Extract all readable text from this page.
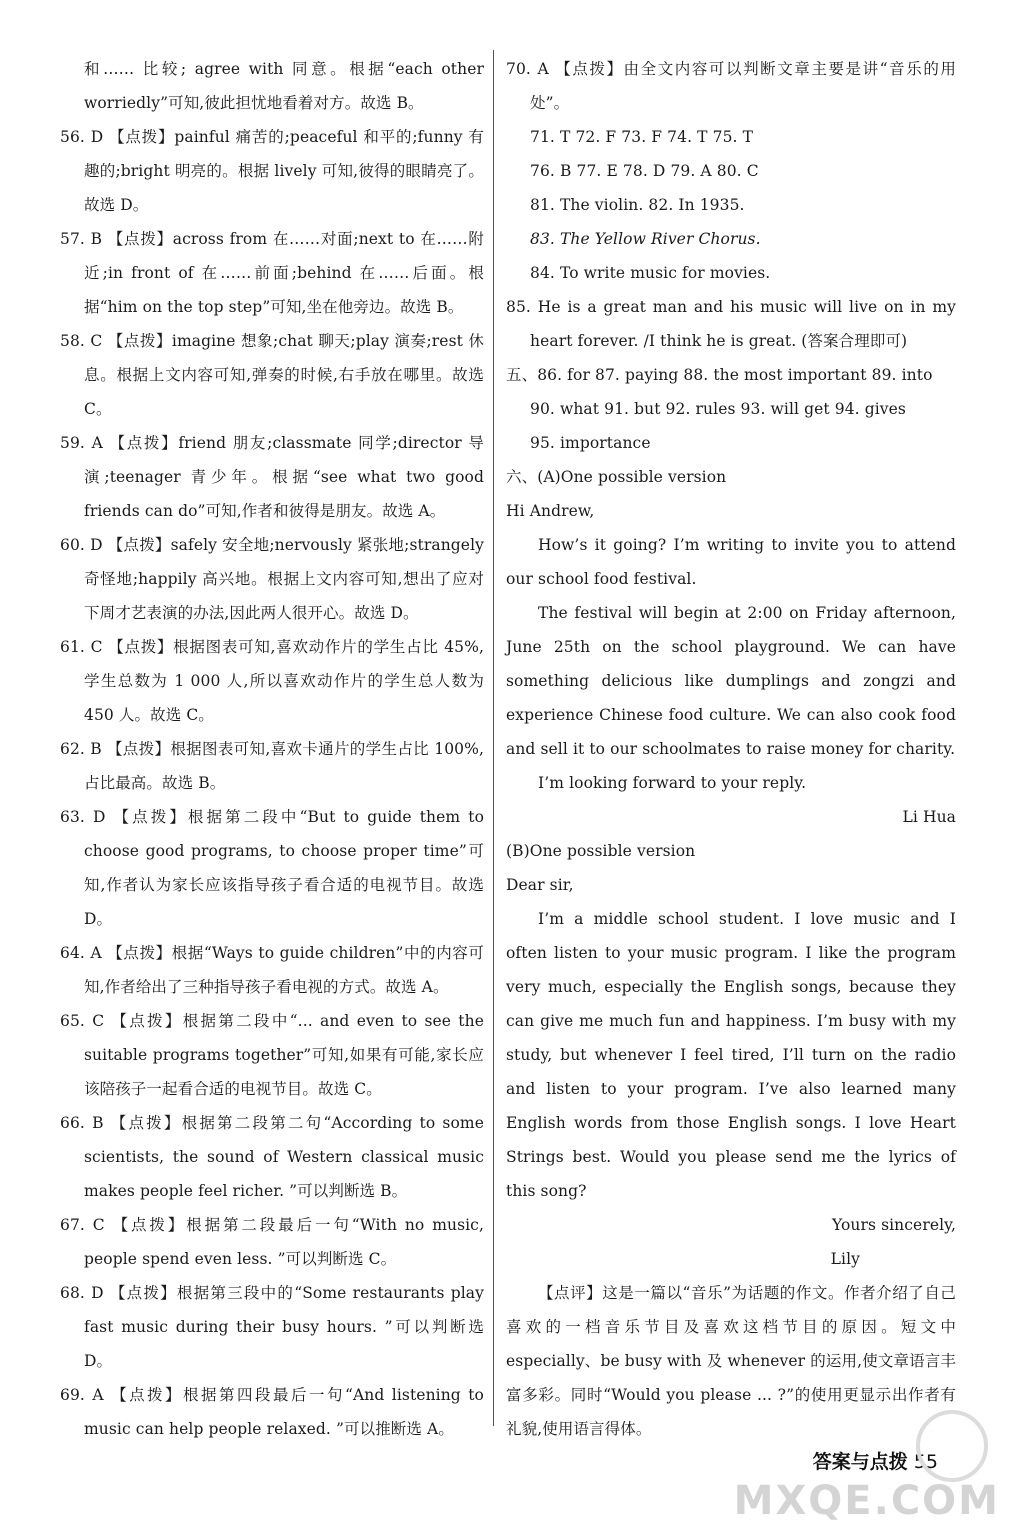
和…… 比较; agree with 同意。根据“each other worriedly”可知,彼此担忧地看着对方。故选 B。
56. D 【点拨】painful 痛苦的;peaceful 和平的;funny 有趣的;bright 明亮的。根据 lively 可知,彼得的眼睛亮了。故选 D。
57. B 【点拨】across from 在……对面;next to 在……附近;in front of 在……前面;behind 在……后面。根据“him on the top step”可知,坐在他旁边。故选 B。
58. C 【点拨】imagine 想象;chat 聊天;play 演奏;rest 休息。根据上文内容可知,弹奏的时候,右手放在哪里。故选 C。
59. A 【点拨】friend 朋友;classmate 同学;director 导演;teenager 青少年。根据“see what two good friends can do”可知,作者和彼得是朋友。故选 A。
60. D 【点拨】safely 安全地;nervously 紧张地;strangely 奇怪地;happily 高兴地。根据上文内容可知,想出了应对下周才艺表演的办法,因此两人很开心。故选 D。
61. C 【点拨】根据图表可知,喜欢动作片的学生占比 45%,学生总数为 1 000 人,所以喜欢动作片的学生总人数为 450 人。故选 C。
62. B 【点拨】根据图表可知,喜欢卡通片的学生占比 100%,占比最高。故选 B。
63. D 【点拨】根据第二段中“But to guide them to choose good programs, to choose proper time”可知,作者认为家长应该指导孩子看合适的电视节目。故选 D。
64. A 【点拨】根据“Ways to guide children”中的内容可知,作者给出了三种指导孩子看电视的方式。故选 A。
65. C 【点拨】根据第二段中“... and even to see the suitable programs together”可知,如果有可能,家长应该陪孩子一起看合适的电视节目。故选 C。
66. B 【点拨】根据第二段第二句“According to some scientists, the sound of Western classical music makes people feel richer. ”可以判断选 B。
67. C 【点拨】根据第二段最后一句“With no music, people spend even less. ”可以判断选 C。
68. D 【点拨】根据第三段中的“Some restaurants play fast music during their busy hours. ”可以判断选 D。
69. A 【点拨】根据第四段最后一句“And listening to music can help people relaxed. ”可以推断选 A。
70. A 【点拨】由全文内容可以判断文章主要是讲“音乐的用处”。
71. T 72. F 73. F 74. T 75. T
76. B 77. E 78. D 79. A 80. C
81. The violin. 82. In 1935.
83. The Yellow River Chorus.
84. To write music for movies.
85. He is a great man and his music will live on in my heart forever. /I think he is great. (答案合理即可)
五、86. for 87. paying 88. the most important 89. into
90. what 91. but 92. rules 93. will get 94. gives
95. importance
六、(A)One possible version
Hi Andrew,
How’s it going? I’m writing to invite you to attend our school food festival.
The festival will begin at 2:00 on Friday afternoon, June 25th on the school playground. We can have something delicious like dumplings and zongzi and experience Chinese food culture. We can also cook food and sell it to our schoolmates to raise money for charity.
I’m looking forward to your reply.
Li Hua
(B)One possible version
Dear sir,
I’m a middle school student. I love music and I often listen to your music program. I like the program very much, especially the English songs, because they can give me much fun and happiness. I’m busy with my study, but whenever I feel tired, I’ll turn on the radio and listen to your program. I’ve also learned many English words from those English songs. I love Heart Strings best. Would you please send me the lyrics of this song?
Yours sincerely,
Lily
【点评】这是一篇以“音乐”为话题的作文。作者介绍了自己喜欢的一档音乐节目及喜欢这档节目的原因。短文中 especially、be busy with 及 whenever 的运用,使文章语言丰富多彩。同时“Would you please ... ?”的使用更显示出作者有礼貌,使用语言得体。
答案与点拨 55
MXQE.COM
